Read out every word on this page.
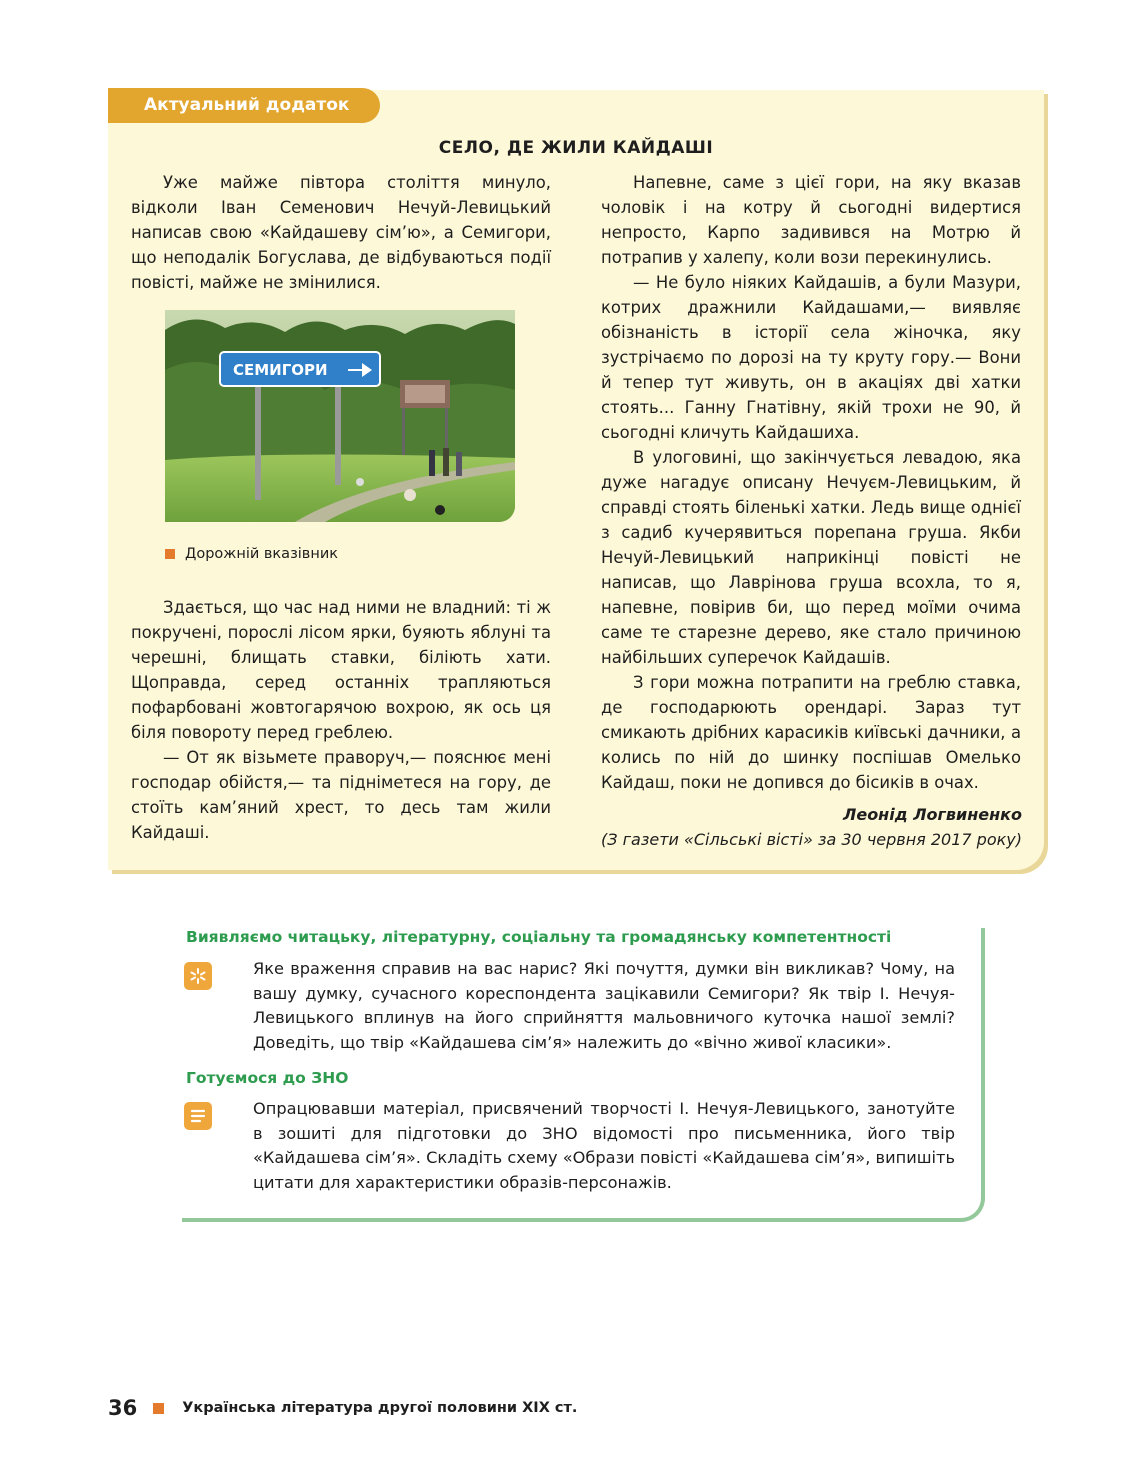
Актуальний додаток
СЕЛО, ДЕ ЖИЛИ КАЙДАШІ

Уже майже півтора століття минуло, відколи Іван Семенович Нечуй-Левицький написав свою «Кайдашеву сім’ю», а Семигори, що неподалік Богуслава, де відбуваються події повісті, майже не змінилися.

СЕМИГОРИ
Дорожній вказівник

Здається, що час над ними не владний: ті ж покручені, порослі лісом ярки, буяють яблуні та черешні, блищать ставки, біліють хати. Щоправда, серед останніх трапляються пофарбовані жовтогарячою вохрою, як ось ця біля повороту перед греблею.

— От як візьмете праворуч,— пояснює мені господар обійстя,— та підніметеся на гору, де стоїть кам’яний хрест, то десь там жили Кайдаші.

Напевне, саме з цієї гори, на яку вказав чоловік і на котру й сьогодні видертися непросто, Карпо задивився на Мотрю й потрапив у халепу, коли вози перекинулись.

— Не було ніяких Кайдашів, а були Мазури, котрих дражнили Кайдашами,— виявляє обізнаність в історії села жіночка, яку зустрічаємо по дорозі на ту круту гору.— Вони й тепер тут живуть, он в акаціях дві хатки стоять... Ганну Гнатівну, якій трохи не 90, й сьогодні кличуть Кайдашиха.

В улоговині, що закінчується левадою, яка дуже нагадує описану Нечуєм-Левицьким, й справді стоять біленькі хатки. Ледь вище однієї з садиб кучерявиться порепана груша. Якби Нечуй-Левицький наприкінці повісті не написав, що Лаврінова груша всохла, то я, напевне, повірив би, що перед моїми очима саме те старезне дерево, яке стало причиною найбільших суперечок Кайдашів.

З гори можна потрапити на греблю ставка, де господарюють орендарі. Зараз тут смикають дрібних карасиків київські дачники, а колись по ній до шинку поспішав Омелько Кайдаш, поки не допився до бісиків в очах.

Леонід Логвиненко
(З газети «Сільські вісті» за 30 червня 2017 року)
Виявляємо читацьку, літературну, соціальну та громадянську компетентності
Яке враження справив на вас нарис? Які почуття, думки він викликав? Чому, на вашу думку, сучасного кореспондента зацікавили Семигори? Як твір І. Нечуя-Левицького вплинув на його сприйняття мальовничого куточка нашої землі? Доведіть, що твір «Кайдашева сім’я» належить до «вічно живої класики».
Готуємося до ЗНО
Опрацювавши матеріал, присвячений творчості І. Нечуя-Левицького, занотуйте в зошиті для підготовки до ЗНО відомості про письменника, його твір «Кайдашева сім’я». Складіть схему «Образи повісті «Кайдашева сім’я», випишіть цитати для характеристики образів-персонажів.
36	Українська література другої половини XIX ст.
